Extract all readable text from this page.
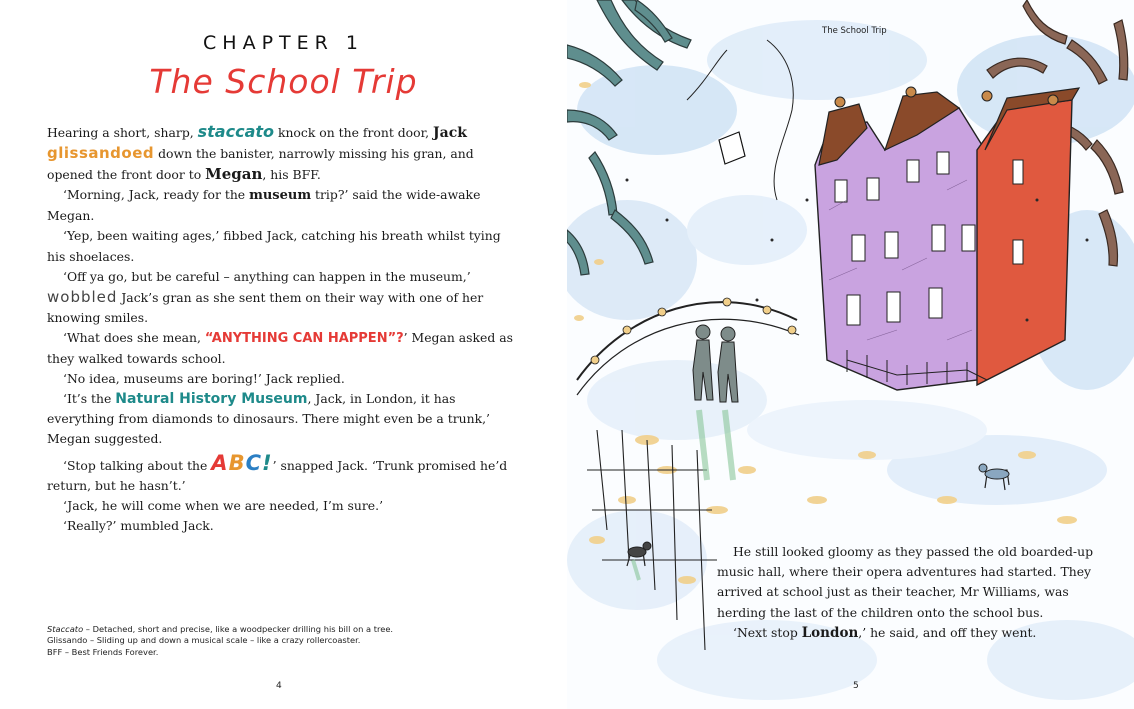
CHAPTER 1
The School Trip

Hearing a short, sharp, staccato knock on the front door, Jack glissandoed down the banister, narrowly missing his gran, and opened the front door to Megan, his BFF.

‘Morning, Jack, ready for the museum trip?’ said the wide-awake Megan.

‘Yep, been waiting ages,’ fibbed Jack, catching his breath whilst tying his shoelaces.

‘Off ya go, but be careful – anything can happen in the museum,’ wobbled Jack’s gran as she sent them on their way with one of her knowing smiles.

‘What does she mean, “ANYTHING CAN HAPPEN”?’ Megan asked as they walked towards school.

‘No idea, museums are boring!’ Jack replied.

‘It’s the Natural History Museum, Jack, in London, it has everything from diamonds to dinosaurs. There might even be a trunk,’ Megan suggested.

‘Stop talking about the ABC!’ snapped Jack. ‘Trunk promised he’d return, but he hasn’t.’

‘Jack, he will come when we are needed, I’m sure.’

‘Really?’ mumbled Jack.

Staccato – Detached, short and precise, like a woodpecker drilling his bill on a tree.
Glissando – Sliding up and down a musical scale – like a crazy rollercoaster.
BFF – Best Friends Forever.
4
The School Trip

He still looked gloomy as they passed the old boarded-up music hall, where their opera adventures had started. They arrived at school just as their teacher, Mr Williams, was herding the last of the children onto the school bus.

‘Next stop London,’ he said, and off they went.

5
